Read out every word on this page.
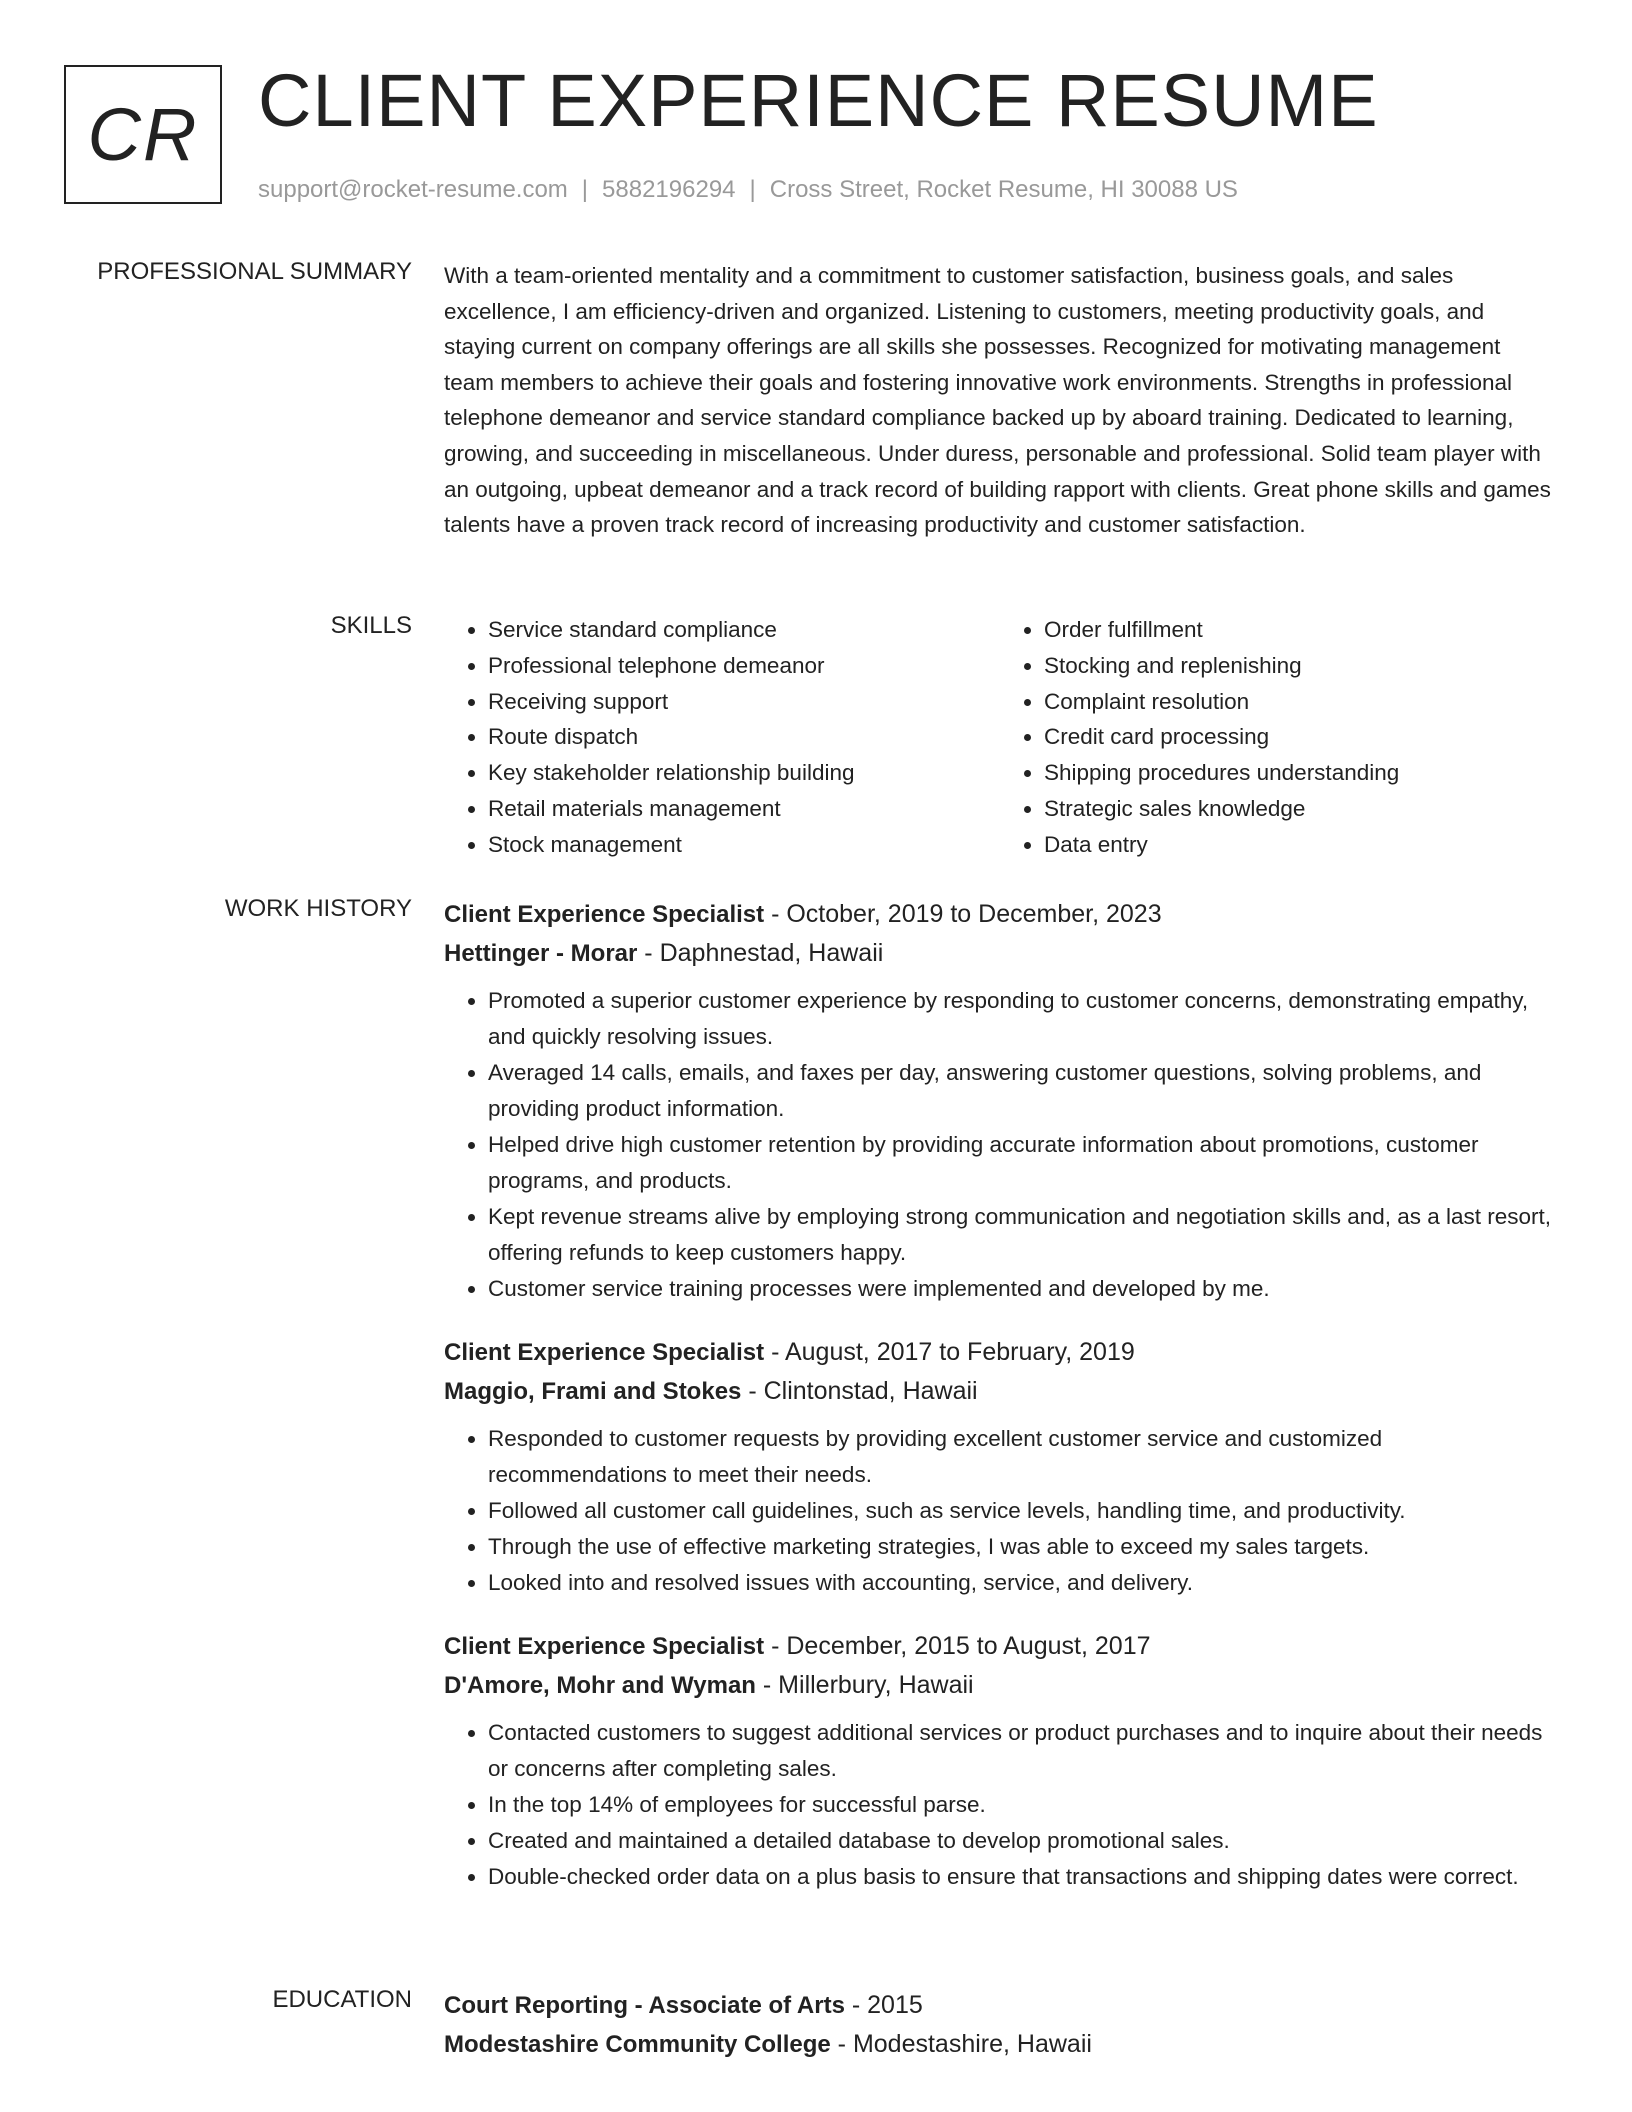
CR CLIENT EXPERIENCE RESUME
support@rocket-resume.com | 5882196294 | Cross Street, Rocket Resume, HI 30088 US
PROFESSIONAL SUMMARY With a team-oriented mentality and a commitment to customer satisfaction, business goals, and sales excellence, I am efficiency-driven and organized. Listening to customers, meeting productivity goals, and staying current on company offerings are all skills she possesses. Recognized for motivating management team members to achieve their goals and fostering innovative work environments. Strengths in professional telephone demeanor and service standard compliance backed up by aboard training. Dedicated to learning, growing, and succeeding in miscellaneous. Under duress, personable and professional. Solid team player with an outgoing, upbeat demeanor and a track record of building rapport with clients. Great phone skills and games talents have a proven track record of increasing productivity and customer satisfaction.

SKILLS
•	Service standard compliance
• Professional telephone demeanor
• Receiving support
• Route dispatch
• Key stakeholder relationship building
• Retail materials management
• Stock management
• Order fulfillment
• Stocking and replenishing
• Complaint resolution
• Credit card processing
• Shipping procedures understanding
• Strategic sales knowledge
• Data entry
WORK HISTORY Client Experience Specialist - October, 2019 to December, 2023
Hettinger - Morar - Daphnestad, Hawaii
• Promoted a superior customer experience by responding to customer concerns, demonstrating empathy, and quickly resolving issues.
• Averaged 14 calls, emails, and faxes per day, answering customer questions, solving problems, and providing product information.
• Helped drive high customer retention by providing accurate information about promotions, customer programs, and products.
• Kept revenue streams alive by employing strong communication and negotiation skills and, as a last resort, offering refunds to keep customers happy.
• Customer service training processes were implemented and developed by me.
Client Experience Specialist - August, 2017 to February, 2019
Maggio, Frami and Stokes - Clintonstad, Hawaii
• Responded to customer requests by providing excellent customer service and customized recommendations to meet their needs.
• Followed all customer call guidelines, such as service levels, handling time, and productivity.
• Through the use of effective marketing strategies, I was able to exceed my sales targets.
• Looked into and resolved issues with accounting, service, and delivery.
Client Experience Specialist - December, 2015 to August, 2017
D'Amore, Mohr and Wyman - Millerbury, Hawaii
• Contacted customers to suggest additional services or product purchases and to inquire about their needs or concerns after completing sales.
• In the top 14% of employees for successful parse.
• Created and maintained a detailed database to develop promotional sales.
• Double-checked order data on a plus basis to ensure that transactions and shipping dates were correct.
EDUCATION Court Reporting - Associate of Arts - 2015
Modestashire Community College - Modestashire, Hawaii
